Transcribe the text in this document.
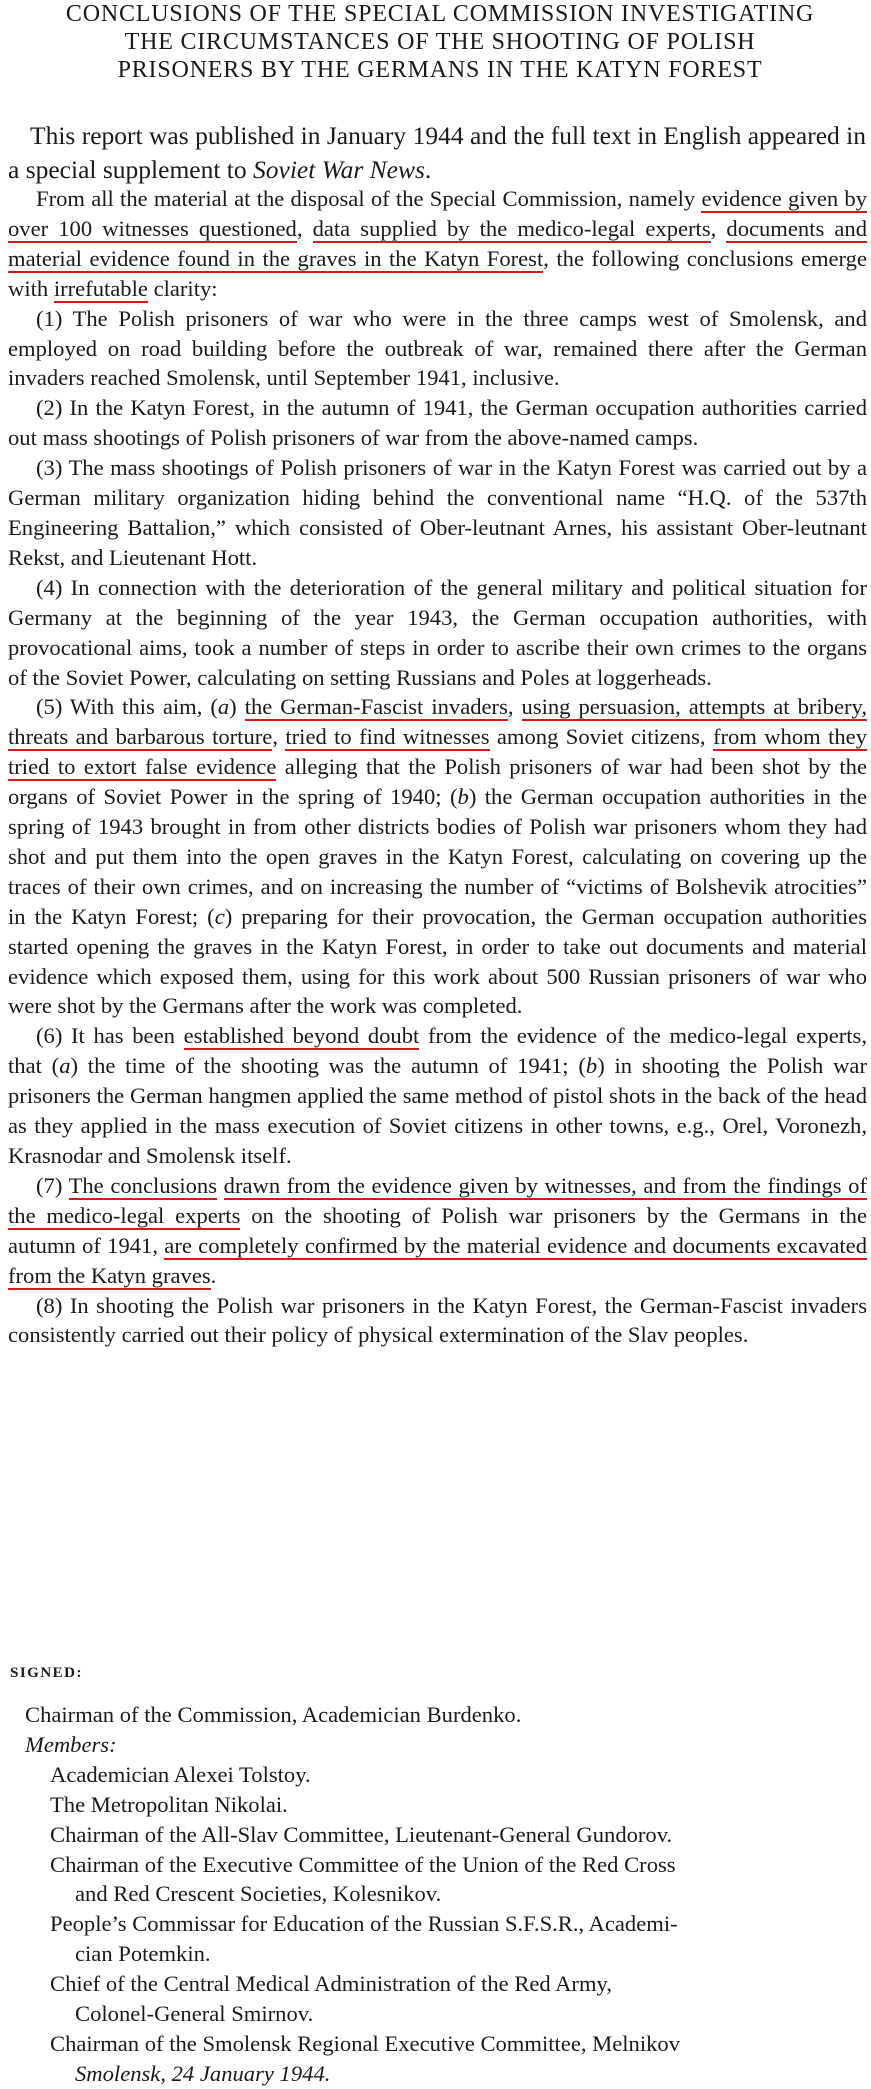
CONCLUSIONS OF THE SPECIAL COMMISSION INVESTIGATING
THE CIRCUMSTANCES OF THE SHOOTING OF POLISH
PRISONERS BY THE GERMANS IN THE KATYN FOREST

This report was published in January 1944 and the full text in English appeared in a special supplement to Soviet War News.

From all the material at the disposal of the Special Commission, namely evidence given by over 100 witnesses questioned, data supplied by the medico-legal experts, documents and material evidence found in the graves in the Katyn Forest, the following conclusions emerge with irrefutable clarity:

(1) The Polish prisoners of war who were in the three camps west of Smolensk, and employed on road building before the outbreak of war, remained there after the German invaders reached Smolensk, until September 1941, inclusive.

(2) In the Katyn Forest, in the autumn of 1941, the German occupation authorities carried out mass shootings of Polish prisoners of war from the above-named camps.

(3) The mass shootings of Polish prisoners of war in the Katyn Forest was carried out by a German military organization hiding behind the conventional name “H.Q. of the 537th Engineering Battalion,” which consisted of Ober-leutnant Arnes, his assistant Ober-leutnant Rekst, and Lieutenant Hott.

(4) In connection with the deterioration of the general military and political situation for Germany at the beginning of the year 1943, the German occupation authorities, with provocational aims, took a number of steps in order to ascribe their own crimes to the organs of the Soviet Power, calculating on setting Russians and Poles at loggerheads.

(5) With this aim, (a) the German-Fascist invaders, using persuasion, attempts at bribery, threats and barbarous torture, tried to find witnesses among Soviet citizens, from whom they tried to extort false evidence alleging that the Polish prisoners of war had been shot by the organs of Soviet Power in the spring of 1940; (b) the German occupation authorities in the spring of 1943 brought in from other districts bodies of Polish war prisoners whom they had shot and put them into the open graves in the Katyn Forest, calculating on covering up the traces of their own crimes, and on increasing the number of “victims of Bolshevik atrocities” in the Katyn Forest; (c) preparing for their provocation, the German occupation authorities started opening the graves in the Katyn Forest, in order to take out documents and material evidence which exposed them, using for this work about 500 Russian prisoners of war who were shot by the Germans after the work was completed.

(6) It has been established beyond doubt from the evidence of the medico-legal experts, that (a) the time of the shooting was the autumn of 1941; (b) in shooting the Polish war prisoners the German hangmen applied the same method of pistol shots in the back of the head as they applied in the mass execution of Soviet citizens in other towns, e.g., Orel, Voronezh, Krasnodar and Smolensk itself.

(7) The conclusions drawn from the evidence given by witnesses, and from the findings of the medico-legal experts on the shooting of Polish war prisoners by the Germans in the autumn of 1941, are completely confirmed by the material evidence and documents excavated from the Katyn graves.

(8) In shooting the Polish war prisoners in the Katyn Forest, the German-Fascist invaders consistently carried out their policy of physical extermination of the Slav peoples.

SIGNED:

Chairman of the Commission, Academician Burdenko.

Members:

Academician Alexei Tolstoy.

The Metropolitan Nikolai.

Chairman of the All-Slav Committee, Lieutenant-General Gundorov.

Chairman of the Executive Committee of the Union of the Red Cross
and Red Crescent Societies, Kolesnikov.

People’s Commissar for Education of the Russian S.F.S.R., Academi-
cian Potemkin.

Chief of the Central Medical Administration of the Red Army,
Colonel-General Smirnov.

Chairman of the Smolensk Regional Executive Committee, Melnikov

Smolensk, 24 January 1944.
